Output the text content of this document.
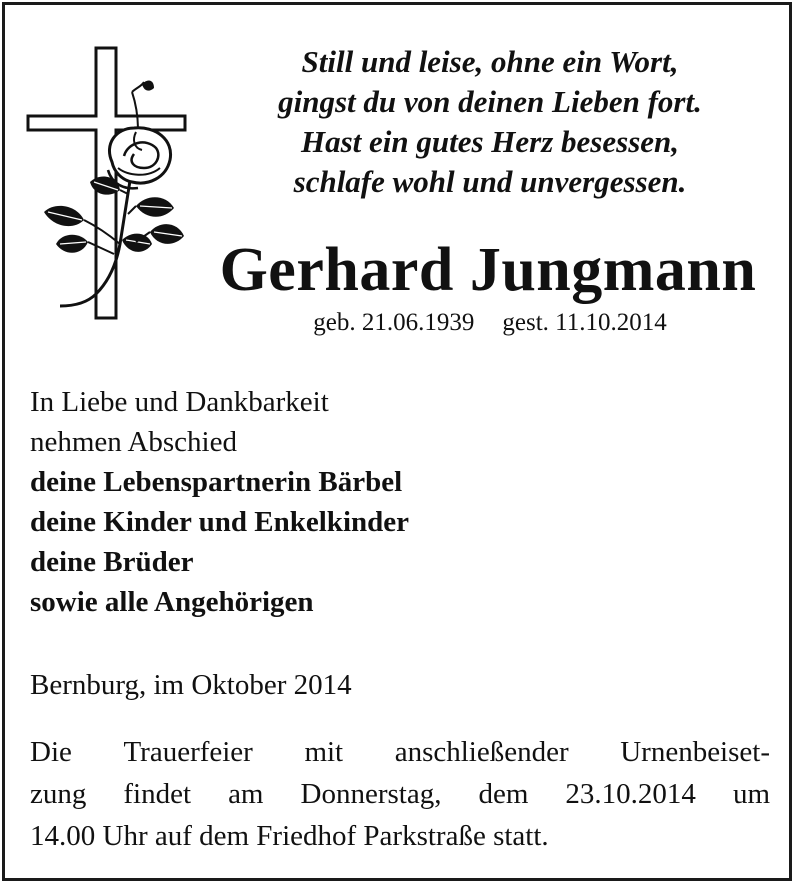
Still und leise, ohne ein Wort,
gingst du von deinen Lieben fort.
Hast ein gutes Herz besessen,
schlafe wohl und unvergessen.
Gerhard Jungmann
geb. 21.06.1939 gest. 11.10.2014
In Liebe und Dankbarkeit
nehmen Abschied
deine Lebenspartnerin Bärbel
deine Kinder und Enkelkinder
deine Brüder
sowie alle Angehörigen
Bernburg, im Oktober 2014
Die Trauerfeier mit anschließender Urnenbeiset-
zung findet am Donnerstag, dem 23.10.2014 um
14.00 Uhr auf dem Friedhof Parkstraße statt.
